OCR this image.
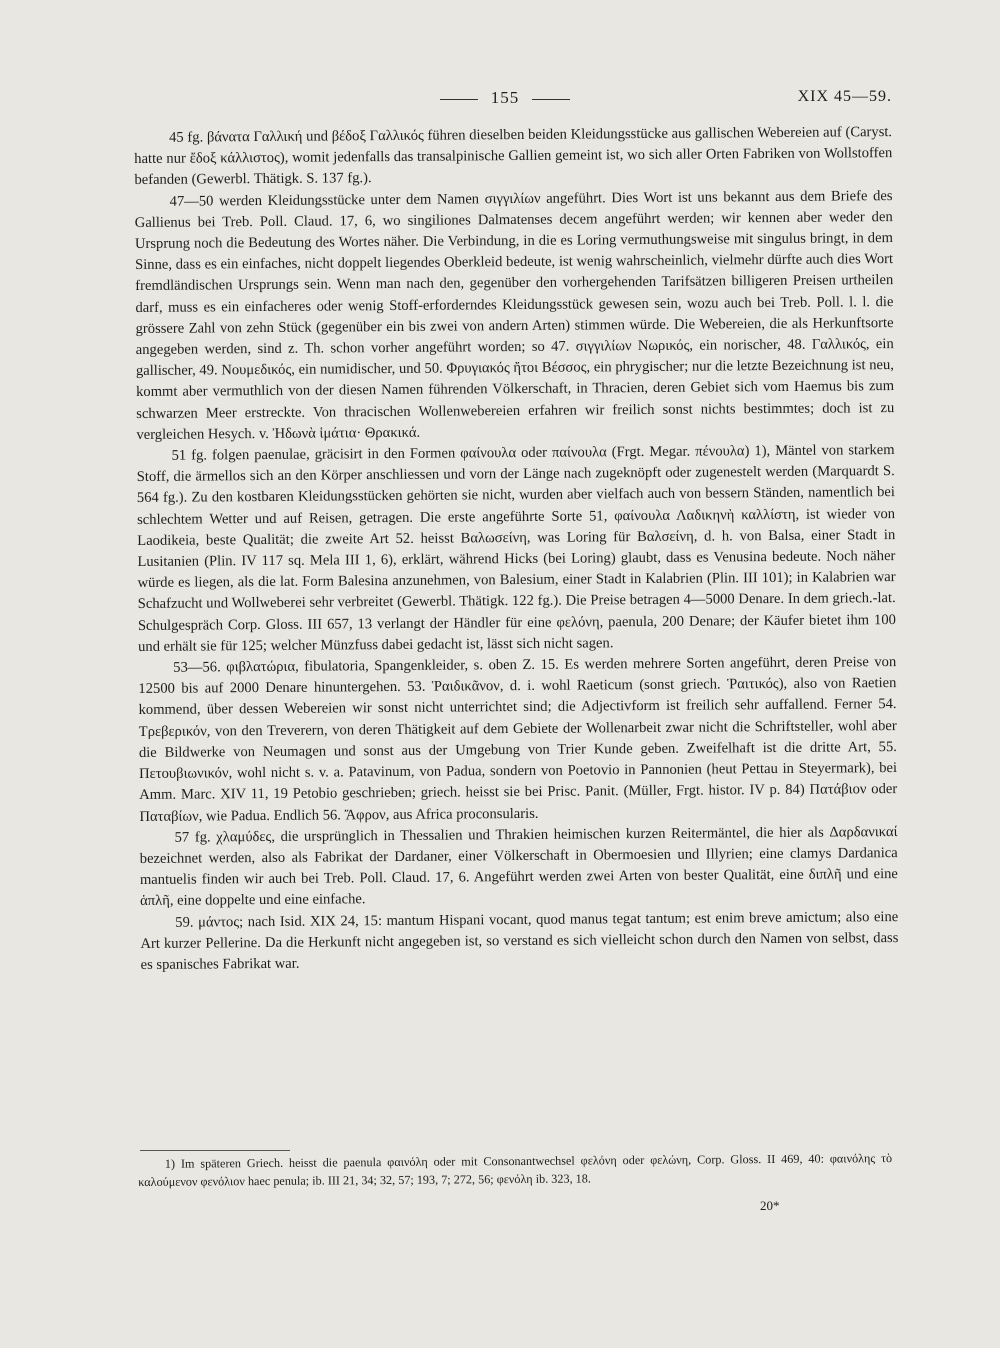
155	XIX 45—59.

45 fg. βάνατα Γαλλική und βέδοξ Γαλλικός führen dieselben beiden Kleidungsstücke aus gallischen Webereien auf (Caryst. hatte nur ἔδοξ κάλλιστος), womit jedenfalls das transalpinische Gallien gemeint ist, wo sich aller Orten Fabriken von Wollstoffen befanden (Gewerbl. Thätigk. S. 137 fg.).

47—50 werden Kleidungsstücke unter dem Namen σιγγιλίων angeführt. Dies Wort ist uns bekannt aus dem Briefe des Gallienus bei Treb. Poll. Claud. 17, 6, wo singiliones Dalmatenses decem angeführt werden; wir kennen aber weder den Ursprung noch die Bedeutung des Wortes näher. Die Verbindung, in die es Loring vermuthungsweise mit singulus bringt, in dem Sinne, dass es ein einfaches, nicht doppelt liegendes Oberkleid bedeute, ist wenig wahrscheinlich, vielmehr dürfte auch dies Wort fremdländischen Ursprungs sein. Wenn man nach den, gegenüber den vorhergehenden Tarifsätzen billigeren Preisen urtheilen darf, muss es ein einfacheres oder wenig Stoff-erforderndes Kleidungsstück gewesen sein, wozu auch bei Treb. Poll. l. l. die grössere Zahl von zehn Stück (gegenüber ein bis zwei von andern Arten) stimmen würde. Die Webereien, die als Herkunftsorte angegeben werden, sind z. Th. schon vorher angeführt worden; so 47. σιγγιλίων Νωρικός, ein norischer, 48. Γαλλικός, ein gallischer, 49. Νουμεδικός, ein numidischer, und 50. Φρυγιακός ἤτοι Βέσσος, ein phrygischer; nur die letzte Bezeichnung ist neu, kommt aber vermuthlich von der diesen Namen führenden Völkerschaft, in Thracien, deren Gebiet sich vom Haemus bis zum schwarzen Meer erstreckte. Von thracischen Wollenwebereien erfahren wir freilich sonst nichts bestimmtes; doch ist zu vergleichen Hesych. v. Ἠδωνὰ ἱμάτια· Θρακικά.

51 fg. folgen paenulae, gräcisirt in den Formen φαίνουλα oder παίνουλα (Frgt. Megar. πένουλα) 1), Mäntel von starkem Stoff, die ärmellos sich an den Körper anschliessen und vorn der Länge nach zugeknöpft oder zugenestelt werden (Marquardt S. 564 fg.). Zu den kostbaren Kleidungsstücken gehörten sie nicht, wurden aber vielfach auch von bessern Ständen, namentlich bei schlechtem Wetter und auf Reisen, getragen. Die erste angeführte Sorte 51, φαίνουλα Λαδικηνὴ καλλίστη, ist wieder von Laodikeia, beste Qualität; die zweite Art 52. heisst Βαλωσείνη, was Loring für Βαλσείνη, d. h. von Balsa, einer Stadt in Lusitanien (Plin. IV 117 sq. Mela III 1, 6), erklärt, während Hicks (bei Loring) glaubt, dass es Venusina bedeute. Noch näher würde es liegen, als die lat. Form Balesina anzunehmen, von Balesium, einer Stadt in Kalabrien (Plin. III 101); in Kalabrien war Schafzucht und Wollweberei sehr verbreitet (Gewerbl. Thätigk. 122 fg.). Die Preise betragen 4—5000 Denare. In dem griech.-lat. Schulgespräch Corp. Gloss. III 657, 13 verlangt der Händler für eine φελόνη, paenula, 200 Denare; der Käufer bietet ihm 100 und erhält sie für 125; welcher Münzfuss dabei gedacht ist, lässt sich nicht sagen.

53—56. φιβλατώρια, fibulatoria, Spangenkleider, s. oben Z. 15. Es werden mehrere Sorten angeführt, deren Preise von 12500 bis auf 2000 Denare hinuntergehen. 53. Ῥαιδικᾶνον, d. i. wohl Raeticum (sonst griech. Ῥαιτικός), also von Raetien kommend, über dessen Webereien wir sonst nicht unterrichtet sind; die Adjectivform ist freilich sehr auffallend. Ferner 54. Τρεβερικόν, von den Treverern, von deren Thätigkeit auf dem Gebiete der Wollenarbeit zwar nicht die Schriftsteller, wohl aber die Bildwerke von Neumagen und sonst aus der Umgebung von Trier Kunde geben. Zweifelhaft ist die dritte Art, 55. Πετουβιωνικόν, wohl nicht s. v. a. Patavinum, von Padua, sondern von Poetovio in Pannonien (heut Pettau in Steyermark), bei Amm. Marc. XIV 11, 19 Petobio geschrieben; griech. heisst sie bei Prisc. Panit. (Müller, Frgt. histor. IV p. 84) Πατάβιον oder Παταβίων, wie Padua. Endlich 56. Ἄφρον, aus Africa proconsularis.

57 fg. χλαμύδες, die ursprünglich in Thessalien und Thrakien heimischen kurzen Reitermäntel, die hier als Δαρδανικαί bezeichnet werden, also als Fabrikat der Dardaner, einer Völkerschaft in Obermoesien und Illyrien; eine clamys Dardanica mantuelis finden wir auch bei Treb. Poll. Claud. 17, 6. Angeführt werden zwei Arten von bester Qualität, eine διπλῆ und eine ἁπλῆ, eine doppelte und eine einfache.

59. μάντος; nach Isid. XIX 24, 15: mantum Hispani vocant, quod manus tegat tantum; est enim breve amictum; also eine Art kurzer Pellerine. Da die Herkunft nicht angegeben ist, so verstand es sich vielleicht schon durch den Namen von selbst, dass es spanisches Fabrikat war.

1) Im späteren Griech. heisst die paenula φαινόλη oder mit Consonantwechsel φελόνη oder φελώνη, Corp. Gloss. II 469, 40: φαινόλης τὸ καλούμενον φενόλιον haec penula; ib. III 21, 34; 32, 57; 193, 7; 272, 56; φενόλη ib. 323, 18.

20*
